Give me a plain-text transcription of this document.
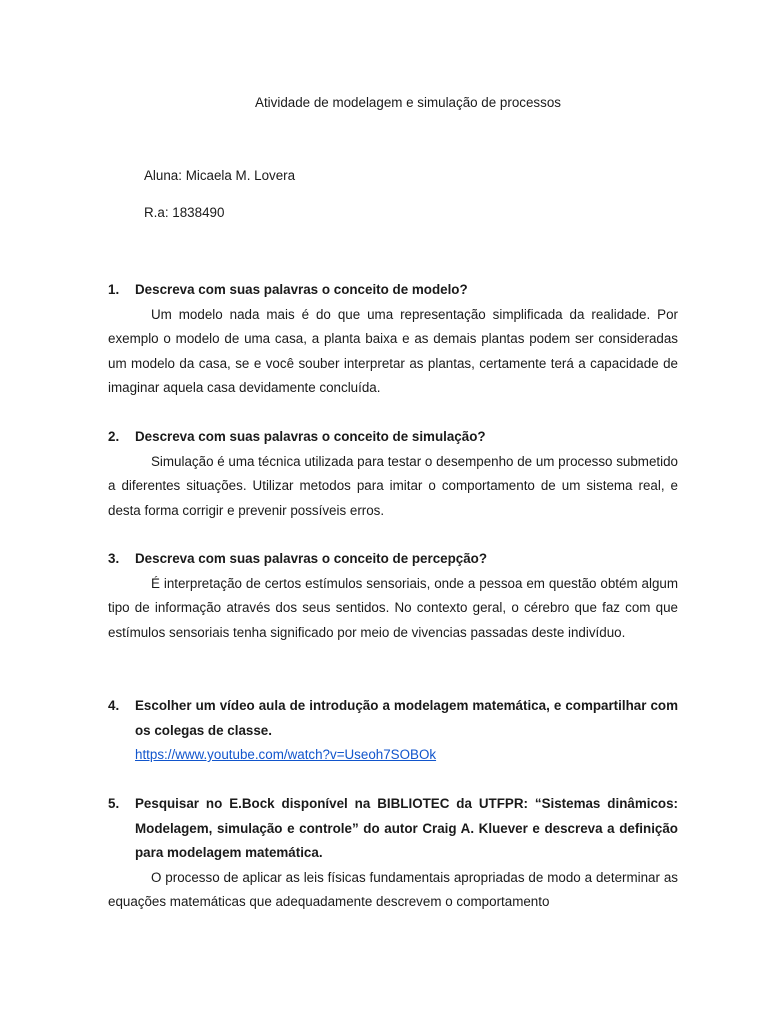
Atividade de modelagem e simulação de processos
Aluna: Micaela M. Lovera
R.a: 1838490
1. Descreva com suas palavras o conceito de modelo?
Um modelo nada mais é do que uma representação simplificada da realidade. Por exemplo o modelo de uma casa, a planta baixa e as demais plantas podem ser consideradas um modelo da casa, se e você souber interpretar as plantas, certamente terá a capacidade de imaginar aquela casa devidamente concluída.
2. Descreva com suas palavras o conceito de simulação?
Simulação é uma técnica utilizada para testar o desempenho de um processo submetido a diferentes situações. Utilizar metodos para imitar o comportamento de um sistema real, e desta forma corrigir e prevenir possíveis erros.
3. Descreva com suas palavras o conceito de percepção?
É interpretação de certos estímulos sensoriais, onde a pessoa em questão obtém algum tipo de informação através dos seus sentidos. No contexto geral, o cérebro que faz com que estímulos sensoriais tenha significado por meio de vivencias passadas deste indivíduo.
4. Escolher um vídeo aula de introdução a modelagem matemática, e compartilhar com os colegas de classe.
https://www.youtube.com/watch?v=Useoh7SOBOk
5. Pesquisar no E.Bock disponível na BIBLIOTEC da UTFPR: “Sistemas dinâmicos: Modelagem, simulação e controle” do autor Craig A. Kluever e descreva a definição para modelagem matemática.
O processo de aplicar as leis físicas fundamentais apropriadas de modo a determinar as equações matemáticas que adequadamente descrevem o comportamento
